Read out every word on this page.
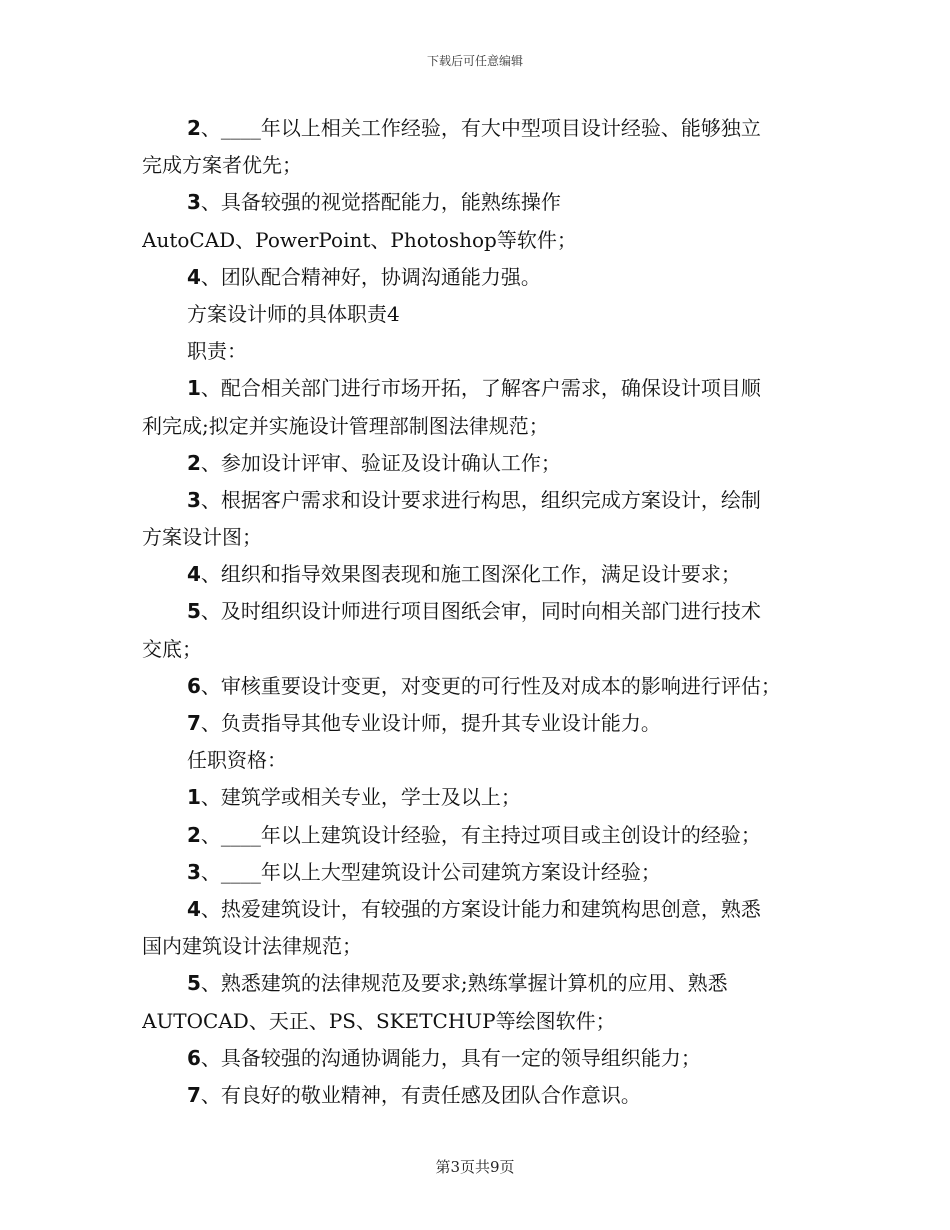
下载后可任意编辑
2、____年以上相关工作经验，有大中型项目设计经验、能够独立
完成方案者优先；
3、具备较强的视觉搭配能力，能熟练操作
AutoCAD、PowerPoint、Photoshop等软件；
4、团队配合精神好，协调沟通能力强。
方案设计师的具体职责4
职责：
1、配合相关部门进行市场开拓，了解客户需求，确保设计项目顺
利完成;拟定并实施设计管理部制图法律规范；
2、参加设计评审、验证及设计确认工作；
3、根据客户需求和设计要求进行构思，组织完成方案设计，绘制
方案设计图；
4、组织和指导效果图表现和施工图深化工作，满足设计要求；
5、及时组织设计师进行项目图纸会审，同时向相关部门进行技术
交底；
6、审核重要设计变更，对变更的可行性及对成本的影响进行评估；
7、负责指导其他专业设计师，提升其专业设计能力。
任职资格：
1、建筑学或相关专业，学士及以上；
2、____年以上建筑设计经验，有主持过项目或主创设计的经验；
3、____年以上大型建筑设计公司建筑方案设计经验；
4、热爱建筑设计，有较强的方案设计能力和建筑构思创意，熟悉
国内建筑设计法律规范；
5、熟悉建筑的法律规范及要求;熟练掌握计算机的应用、熟悉
AUTOCAD、天正、PS、SKETCHUP等绘图软件；
6、具备较强的沟通协调能力，具有一定的领导组织能力；
7、有良好的敬业精神，有责任感及团队合作意识。
第3页共9页
